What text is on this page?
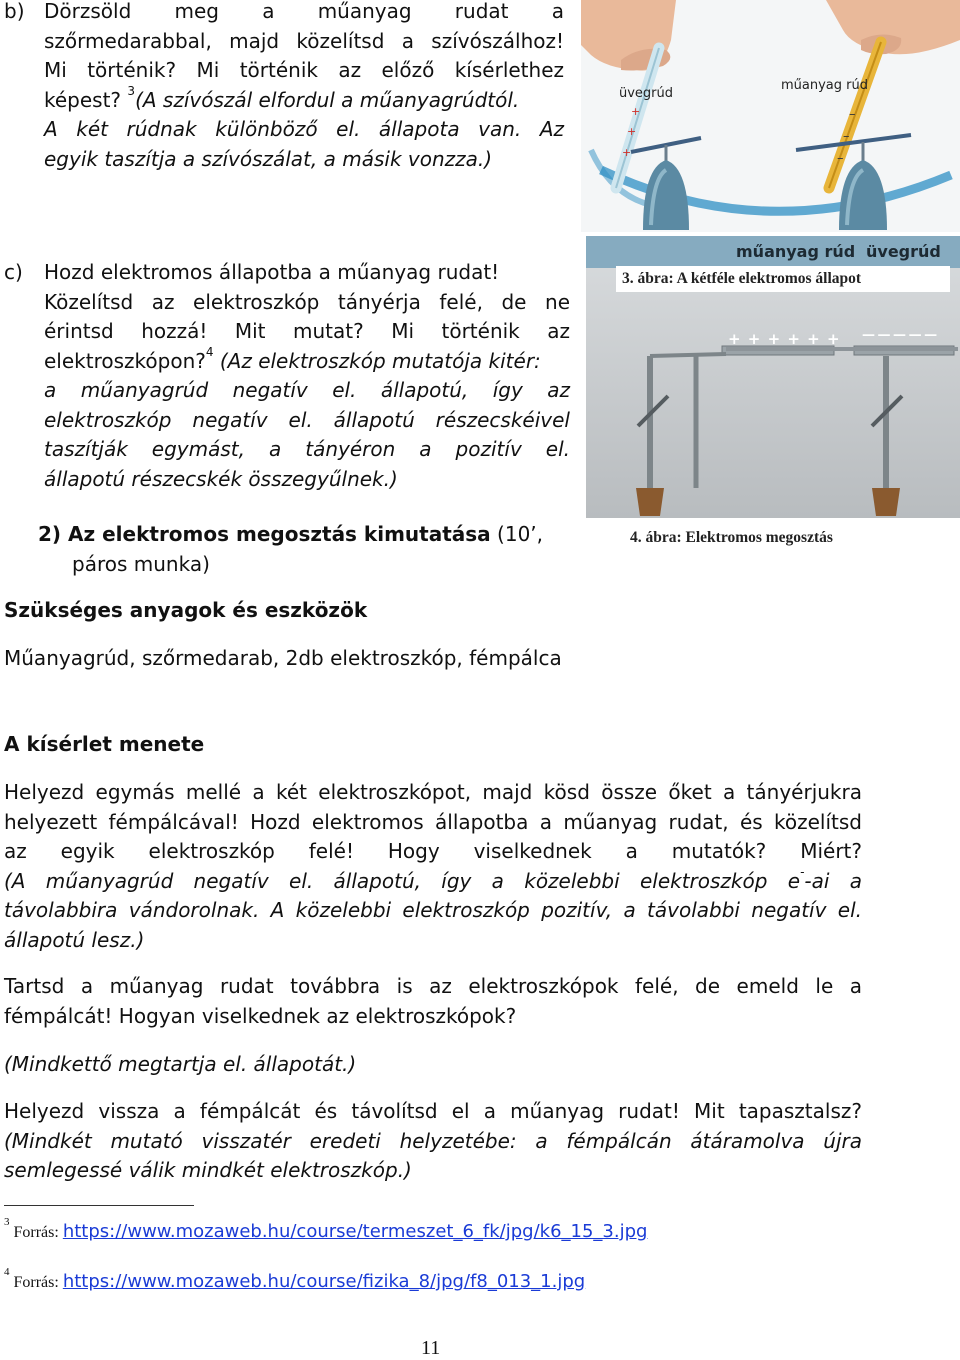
b) Dörzsöld meg a műanyag rudat a
szőrmedarabbal, majd közelítsd a szívószálhoz!
Mi történik? Mi történik az előző kísérlethez
képest? $^3$(A szívószál elfordul a műanyagrúdtól.
A két rúdnak különböző el. állapota van. Az
egyik taszítja a szívószálat, a másik vonzza.)
+
+
+
–
–
–
üvegrúd
műanyag rúd
műanyag rúd üvegrúd
+ + + + + + — — — — —
3. ábra: A kétféle elektromos állapot
4. ábra: Elektromos megosztás
c) Hozd elektromos állapotba a műanyag rudat!
Közelítsd az elektroszkóp tányérja felé, de ne
érintsd hozzá! Mit mutat? Mi történik az
elektroszkópon?$^4$ (Az elektroszkóp mutatója kitér:
a műanyagrúd negatív el. állapotú, így az
elektroszkóp negatív el. állapotú részecskéivel
taszítják egymást, a tányéron a pozitív el.
állapotú részecskék összegyűlnek.)
2) Az elektromos megosztás kimutatása (10’,
páros munka)
Szükséges anyagok és eszközök
Műanyagrúd, szőrmedarab, 2db elektroszkóp, fémpálca
A kísérlet menete
Helyezd egymás mellé a két elektroszkópot, majd kösd össze őket a tányérjukra
helyezett fémpálcával! Hozd elektromos állapotba a műanyag rudat, és közelítsd
az egyik elektroszkóp felé! Hogy viselkednek a mutatók? Miért?
(A műanyagrúd negatív el. állapotú, így a közelebbi elektroszkóp e--ai a
távolabbira vándorolnak. A közelebbi elektroszkóp pozitív, a távolabbi negatív el.
állapotú lesz.)
Tartsd a műanyag rudat továbbra is az elektroszkópok felé, de emeld le a
fémpálcát! Hogyan viselkednek az elektroszkópok?
(Mindkettő megtartja el. állapotát.)
Helyezd vissza a fémpálcát és távolítsd el a műanyag rudat! Mit tapasztalsz?
(Mindkét mutató visszatér eredeti helyzetébe: a fémpálcán átáramolva újra
semlegessé válik mindkét elektroszkóp.)
$^3$ Forrás: https://www.mozaweb.hu/course/termeszet_6_fk/jpg/k6_15_3.jpg
$^4$ Forrás: https://www.mozaweb.hu/course/fizika_8/jpg/f8_013_1.jpg
11
